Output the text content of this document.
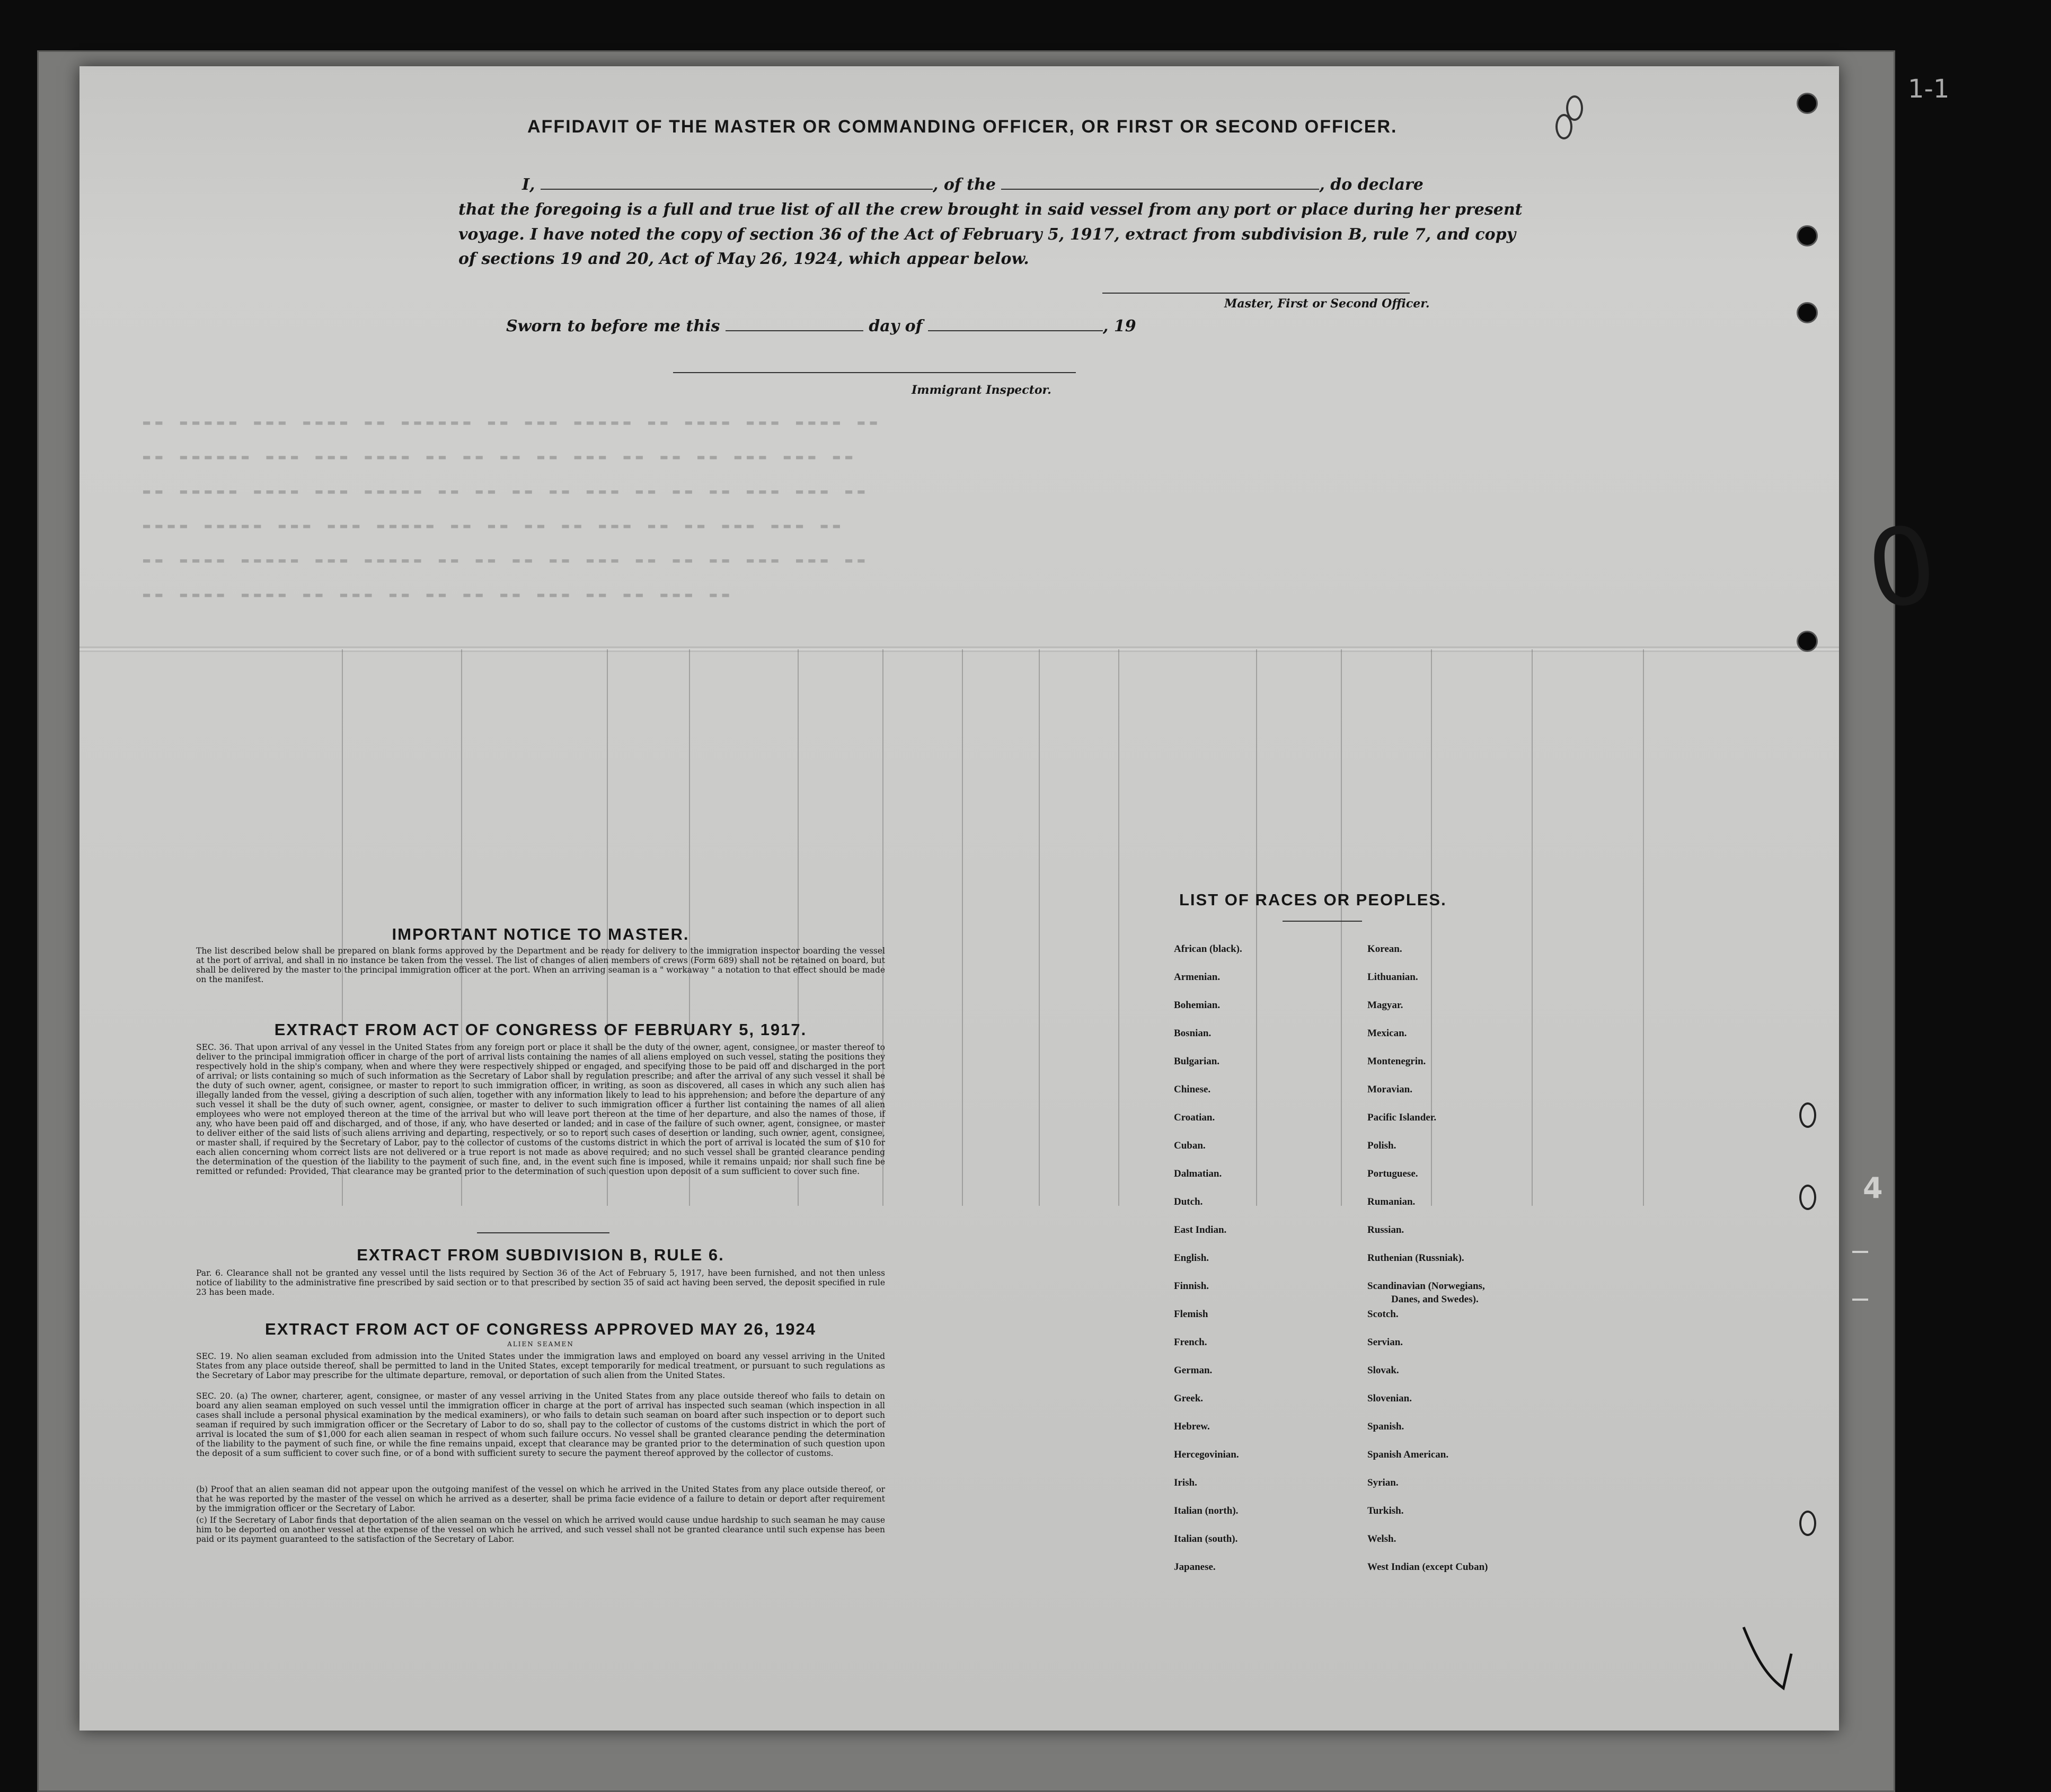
AFFIDAVIT OF THE MASTER OR COMMANDING OFFICER, OR FIRST OR SECOND OFFICER.
I,	, of the	, do declare
that the foregoing is a full and true list of all the crew brought in said vessel from any port or place during her present
voyage. I have noted the copy of section 36 of the Act of February 5, 1917, extract from subdivision B, rule 7, and copy
of sections 19 and 20, Act of May 26, 1924, which appear below.
Master, First or Second Officer.
Sworn to before me this	day of	, 19
Immigrant Inspector.
▬▬ ▬▬▬▬▬ ▬▬▬ ▬▬▬▬ ▬▬ ▬▬▬▬▬▬ ▬▬ ▬▬▬ ▬▬▬▬▬ ▬▬ ▬▬▬▬ ▬▬▬ ▬▬▬▬ ▬▬
▬▬ ▬▬▬▬▬▬ ▬▬▬ ▬▬▬ ▬▬▬▬ ▬▬ ▬▬ ▬▬ ▬▬ ▬▬▬ ▬▬ ▬▬ ▬▬ ▬▬▬ ▬▬▬ ▬▬
▬▬ ▬▬▬▬▬ ▬▬▬▬ ▬▬▬ ▬▬▬▬▬ ▬▬ ▬▬ ▬▬ ▬▬ ▬▬▬ ▬▬ ▬▬ ▬▬ ▬▬▬ ▬▬▬ ▬▬
▬▬▬▬ ▬▬▬▬▬ ▬▬▬ ▬▬▬ ▬▬▬▬▬ ▬▬ ▬▬ ▬▬ ▬▬ ▬▬▬ ▬▬ ▬▬ ▬▬▬ ▬▬▬ ▬▬
▬▬ ▬▬▬▬ ▬▬▬▬▬ ▬▬▬ ▬▬▬▬▬ ▬▬ ▬▬ ▬▬ ▬▬ ▬▬▬ ▬▬ ▬▬ ▬▬ ▬▬▬ ▬▬▬ ▬▬
▬▬ ▬▬▬▬ ▬▬▬▬ ▬▬ ▬▬▬ ▬▬ ▬▬ ▬▬ ▬▬ ▬▬▬ ▬▬ ▬▬ ▬▬▬ ▬▬
IMPORTANT NOTICE TO MASTER.
The list described below shall be prepared on blank forms approved by the Department and be ready for delivery to the immigration inspector boarding the vessel at the port of arrival, and shall in no instance be taken from the vessel. The list of changes of alien members of crews (Form 689) shall not be retained on board, but shall be delivered by the master to the principal immigration officer at the port. When an arriving seaman is a " workaway " a notation to that effect should be made on the manifest.
EXTRACT FROM ACT OF CONGRESS OF FEBRUARY 5, 1917.
SEC. 36. That upon arrival of any vessel in the United States from any foreign port or place it shall be the duty of the owner, agent, consignee, or master thereof to deliver to the principal immigration officer in charge of the port of arrival lists containing the names of all aliens employed on such vessel, stating the positions they respectively hold in the ship's company, when and where they were respectively shipped or engaged, and specifying those to be paid off and discharged in the port of arrival; or lists containing so much of such information as the Secretary of Labor shall by regulation prescribe; and after the arrival of any such vessel it shall be the duty of such owner, agent, consignee, or master to report to such immigration officer, in writing, as soon as discovered, all cases in which any such alien has illegally landed from the vessel, giving a description of such alien, together with any information likely to lead to his apprehension; and before the departure of any such vessel it shall be the duty of such owner, agent, consignee, or master to deliver to such immigration officer a further list containing the names of all alien employees who were not employed thereon at the time of the arrival but who will leave port thereon at the time of her departure, and also the names of those, if any, who have been paid off and discharged, and of those, if any, who have deserted or landed; and in case of the failure of such owner, agent, consignee, or master to deliver either of the said lists of such aliens arriving and departing, respectively, or so to report such cases of desertion or landing, such owner, agent, consignee, or master shall, if required by the Secretary of Labor, pay to the collector of customs of the customs district in which the port of arrival is located the sum of $10 for each alien concerning whom correct lists are not delivered or a true report is not made as above required; and no such vessel shall be granted clearance pending the determination of the question of the liability to the payment of such fine, and, in the event such fine is imposed, while it remains unpaid; nor shall such fine be remitted or refunded: Provided, That clearance may be granted prior to the determination of such question upon deposit of a sum sufficient to cover such fine.
EXTRACT FROM SUBDIVISION B, RULE 6.
Par. 6. Clearance shall not be granted any vessel until the lists required by Section 36 of the Act of February 5, 1917, have been furnished, and not then unless notice of liability to the administrative fine prescribed by said section or to that prescribed by section 35 of said act having been served, the deposit specified in rule 23 has been made.
EXTRACT FROM ACT OF CONGRESS APPROVED MAY 26, 1924
ALIEN SEAMEN
SEC. 19. No alien seaman excluded from admission into the United States under the immigration laws and employed on board any vessel arriving in the United States from any place outside thereof, shall be permitted to land in the United States, except temporarily for medical treatment, or pursuant to such regulations as the Secretary of Labor may prescribe for the ultimate departure, removal, or deportation of such alien from the United States.
SEC. 20. (a) The owner, charterer, agent, consignee, or master of any vessel arriving in the United States from any place outside thereof who fails to detain on board any alien seaman employed on such vessel until the immigration officer in charge at the port of arrival has inspected such seaman (which inspection in all cases shall include a personal physical examination by the medical examiners), or who fails to detain such seaman on board after such inspection or to deport such seaman if required by such immigration officer or the Secretary of Labor to do so, shall pay to the collector of customs of the customs district in which the port of arrival is located the sum of $1,000 for each alien seaman in respect of whom such failure occurs. No vessel shall be granted clearance pending the determination of the liability to the payment of such fine, or while the fine remains unpaid, except that clearance may be granted prior to the determination of such question upon the deposit of a sum sufficient to cover such fine, or of a bond with sufficient surety to secure the payment thereof approved by the collector of customs.
(b) Proof that an alien seaman did not appear upon the outgoing manifest of the vessel on which he arrived in the United States from any place outside thereof, or that he was reported by the master of the vessel on which he arrived as a deserter, shall be prima facie evidence of a failure to detain or deport after requirement by the immigration officer or the Secretary of Labor.
(c) If the Secretary of Labor finds that deportation of the alien seaman on the vessel on which he arrived would cause undue hardship to such seaman he may cause him to be deported on another vessel at the expense of the vessel on which he arrived, and such vessel shall not be granted clearance until such expense has been paid or its payment guaranteed to the satisfaction of the Secretary of Labor.
LIST OF RACES OR PEOPLES.
African (black).
Armenian.
Bohemian.
Bosnian.
Bulgarian.
Chinese.
Croatian.
Cuban.
Dalmatian.
Dutch.
East Indian.
English.
Finnish.
Flemish
French.
German.
Greek.
Hebrew.
Hercegovinian.
Irish.
Italian (north).
Italian (south).
Japanese.
Korean.
Lithuanian.
Magyar.
Mexican.
Montenegrin.
Moravian.
Pacific Islander.
Polish.
Portuguese.
Rumanian.
Russian.
Ruthenian (Russniak).
Scandinavian (Norwegians,
Danes, and Swedes).
Scotch.
Servian.
Slovak.
Slovenian.
Spanish.
Spanish American.
Syrian.
Turkish.
Welsh.
West Indian (except Cuban)
0
1-1
4
